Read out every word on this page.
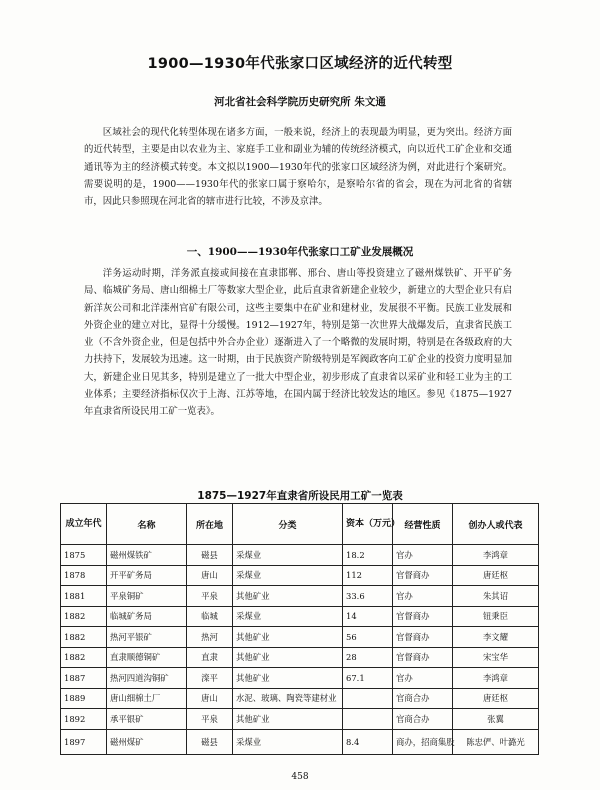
1900—1930年代张家口区域经济的近代转型
河北省社会科学院历史研究所 朱文通

区域社会的现代化转型体现在诸多方面，一般来说，经济上的表现最为明显，更为突出。经济方面的近代转型，主要是由以农业为主、家庭手工业和副业为辅的传统经济模式，向以近代工矿企业和交通通讯等为主的经济模式转变。本文拟以1900—1930年代的张家口区域经济为例，对此进行个案研究。需要说明的是，1900——1930年代的张家口属于察哈尔，是察哈尔省的省会，现在为河北省的省辖市，因此只参照现在河北省的辖市进行比较，不涉及京津。

一、1900——1930年代张家口工矿业发展概况

洋务运动时期，洋务派直接或间接在直隶邯郸、邢台、唐山等投资建立了磁州煤铁矿、开平矿务局、临城矿务局、唐山细棉土厂等数家大型企业，此后直隶省新建企业较少，新建立的大型企业只有启新洋灰公司和北洋滦州官矿有限公司，这些主要集中在矿业和建材业，发展很不平衡。民族工业发展和外资企业的建立对比，显得十分缓慢。1912—1927年，特别是第一次世界大战爆发后，直隶省民族工业（不含外资企业，但是包括中外合办企业）逐渐进入了一个略微的发展时期，特别是在各级政府的大力扶持下，发展较为迅速。这一时期，由于民族资产阶级特别是军阀政客向工矿企业的投资力度明显加大，新建企业日见其多，特别是建立了一批大中型企业，初步形成了直隶省以采矿业和轻工业为主的工业体系；主要经济指标仅次于上海、江苏等地，在国内属于经济比较发达的地区。参见《1875—1927年直隶省所设民用工矿一览表》。

1875—1927年直隶省所设民用工矿一览表
成立年代	名称	所在地	分类	资本（万元）	经营性质	创办人或代表
1875	磁州煤铁矿	磁县	采煤业	18.2	官办	李鸿章
1878	开平矿务局	唐山	采煤业	112	官督商办	唐廷枢
1881	平泉铜矿	平泉	其他矿业	33.6	官办	朱其诏
1882	临城矿务局	临城	采煤业	14	官督商办	钮秉臣
1882	热河平银矿	热河	其他矿业	56	官督商办	李文耀
1882	直隶顺德铜矿	直隶	其他矿业	28	官督商办	宋宝华
1887	热河四道沟铜矿	滦平	其他矿业	67.1	官办	李鸿章
1889	唐山细棉土厂	唐山	水泥、玻璃、陶瓷等建材业		官商合办	唐廷枢
1892	承平银矿	平泉	其他矿业		官商合办	张翼
1897	磁州煤矿	磁县	采煤业	8.4	商办，招商集股	陈忠俨、叶潞光
458
